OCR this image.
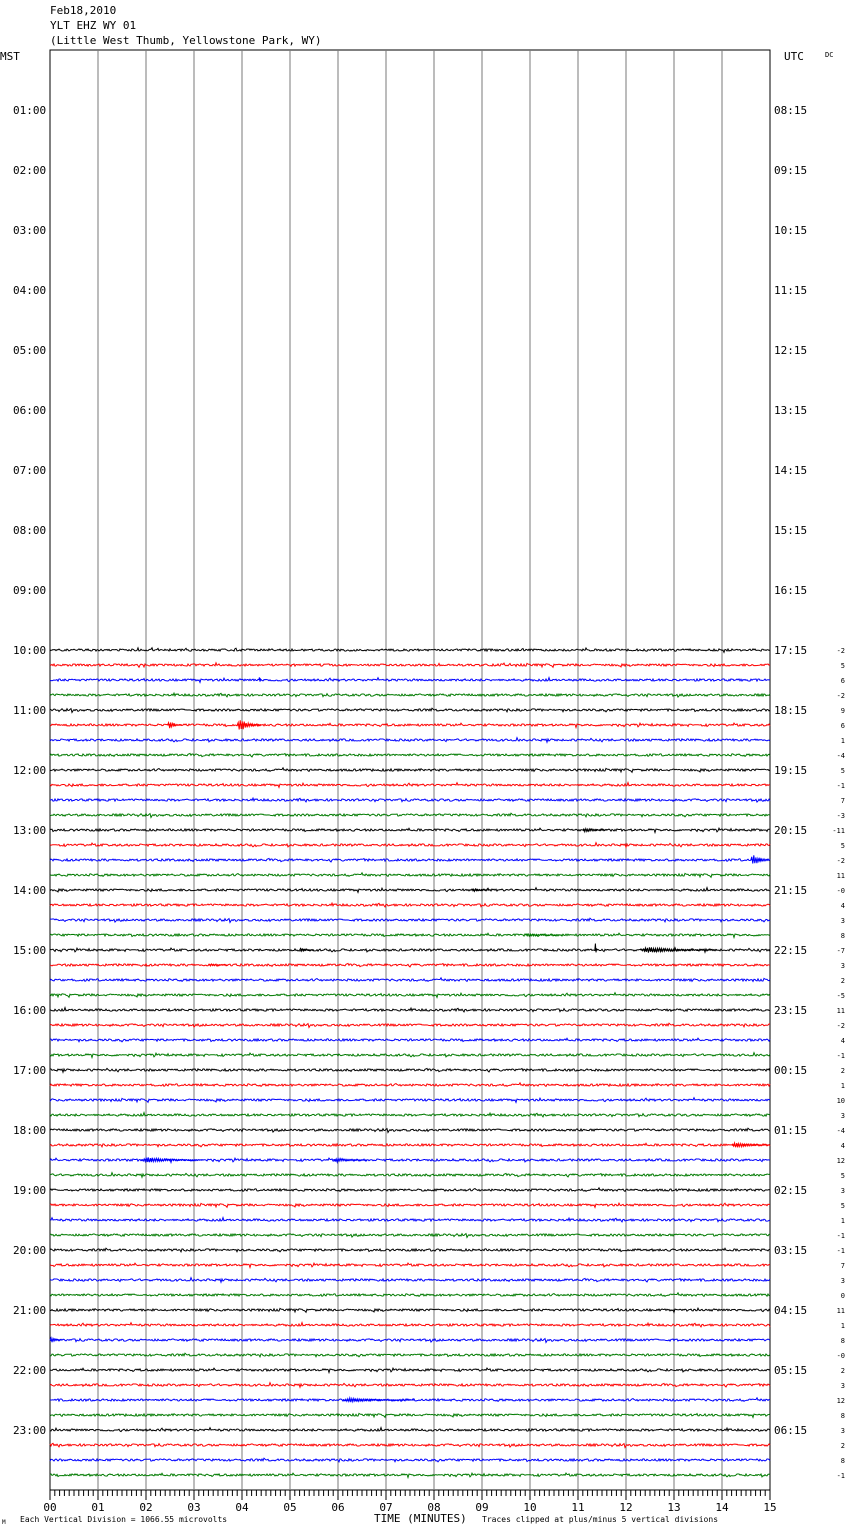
Feb18,2010
YLT EHZ WY 01
(Little West Thumb, Yellowstone Park, WY)
01:00
02:00
03:00
04:00
05:00
06:00
07:00
08:00
09:00
10:00
11:00
12:00
13:00
14:00
15:00
16:00
17:00
18:00
19:00
20:00
21:00
22:00
23:00
08:15
09:15
10:15
11:15
12:15
13:15
14:15
15:15
16:15
17:15
18:15
19:15
20:15
21:15
22:15
23:15
00:15
01:15
02:15
03:15
04:15
05:15
06:15
-2
5
6
-2
9
6
1
-4
5
-1
7
-3
-11
5
-2
11
-0
4
3
8
-7
3
2
-5
11
-2
4
-1
2
1
10
3
-4
4
12
5
3
5
1
-1
-1
7
3
0
11
1
8
-0
2
3
12
8
3
2
8
-1
00	01	02	03	04	05	06	07	08	09	10	11	12	13	14	15
MST	UTC	DC
M Each Vertical Division = 1066.55 microvolts	TIME (MINUTES) Traces clipped at plus/minus 5 vertical divisions
